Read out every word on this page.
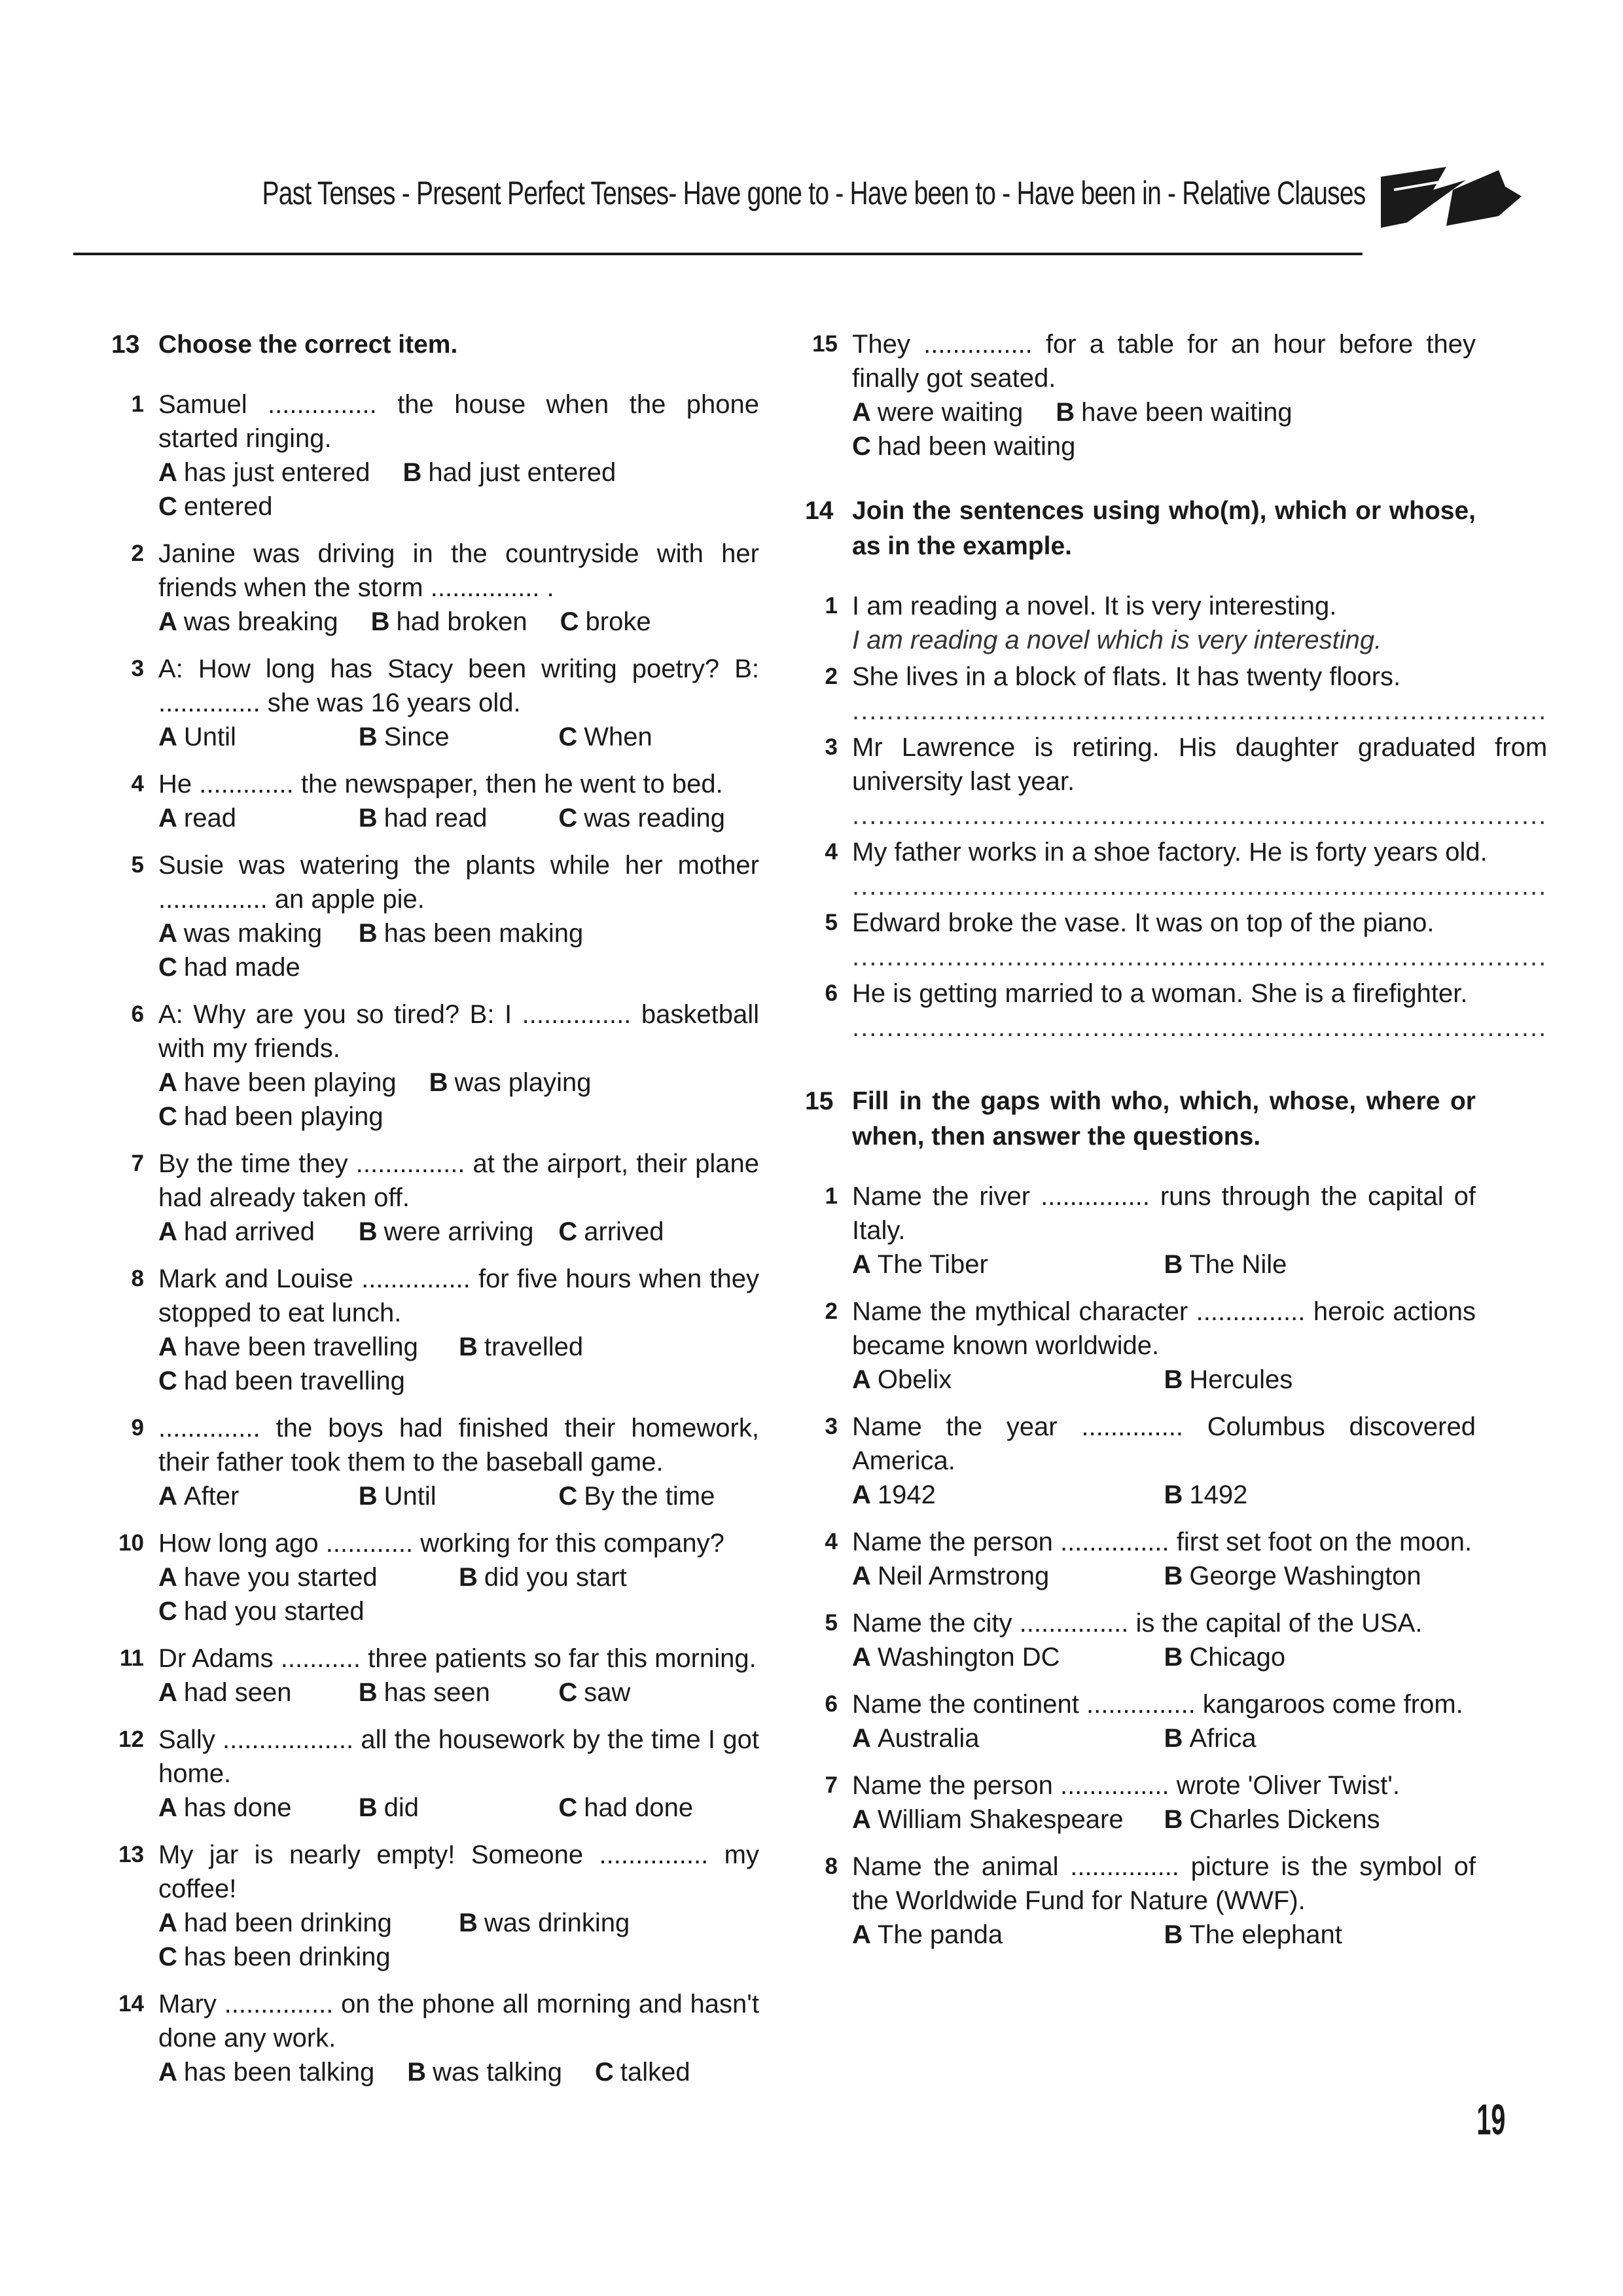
Past Tenses - Present Perfect Tenses- Have gone to - Have been to - Have been in - Relative Clauses
13 Choose the correct item.
1 Samuel ............... the house when the phone started ringing.
A has just entered B had just entered
C entered
2 Janine was driving in the countryside with her friends when the storm ............... .
A was breaking B had broken C broke
3 A: How long has Stacy been writing poetry? B: .............. she was 16 years old.
A Until	B Since	C When
4 He ............. the newspaper, then he went to bed.
A read	B had read	C was reading
5 Susie was watering the plants while her mother ............... an apple pie.
A was making	B has been making
C had made
6 A: Why are you so tired? B: I ............... basketball with my friends.
A have been playing B was playing
C had been playing
7 By the time they ............... at the airport, their plane had already taken off.
A had arrived	B were arriving C arrived
8 Mark and Louise ............... for five hours when they stopped to eat lunch.
A have been travelling	B travelled
C had been travelling
9 .............. the boys had finished their homework, their father took them to the baseball game.
A After	B Until	C By the time
10 How long ago ............ working for this company?
A have you started	B did you start
C had you started
11 Dr Adams ........... three patients so far this morning.
A had seen	B has seen	C saw
12 Sally .................. all the housework by the time I got home.
A has done	B did	C had done
13 My jar is nearly empty! Someone ............... my coffee!
A had been drinking	B was drinking
C has been drinking
14 Mary ............... on the phone all morning and hasn't done any work.
A has been talking B was talking C talked
15 They ............... for a table for an hour before they finally got seated.
A were waiting B have been waiting
C had been waiting
14 Join the sentences using who(m), which or whose, as in the example.
1 I am reading a novel. It is very interesting.
I am reading a novel which is very interesting.
2 She lives in a block of flats. It has twenty floors.
.................................................................................
3 Mr Lawrence is retiring. His daughter graduated from university last year.
.................................................................................
4 My father works in a shoe factory. He is forty years old.
.................................................................................
5 Edward broke the vase. It was on top of the piano.
.................................................................................
6 He is getting married to a woman. She is a firefighter.
.................................................................................
15 Fill in the gaps with who, which, whose, where or when, then answer the questions.
1 Name the river ............... runs through the capital of Italy.
A The Tiber	B The Nile
2 Name the mythical character ............... heroic actions became known worldwide.
A Obelix	B Hercules
3 Name the year .............. Columbus discovered America.
A 1942	B 1492
4 Name the person ............... first set foot on the moon.
A Neil Armstrong	B George Washington
5 Name the city ............... is the capital of the USA.
A Washington DC	B Chicago
6 Name the continent ............... kangaroos come from.
A Australia	B Africa
7 Name the person ............... wrote 'Oliver Twist'.
A William Shakespeare	B Charles Dickens
8 Name the animal ............... picture is the symbol of the Worldwide Fund for Nature (WWF).
A The panda	B The elephant
19
